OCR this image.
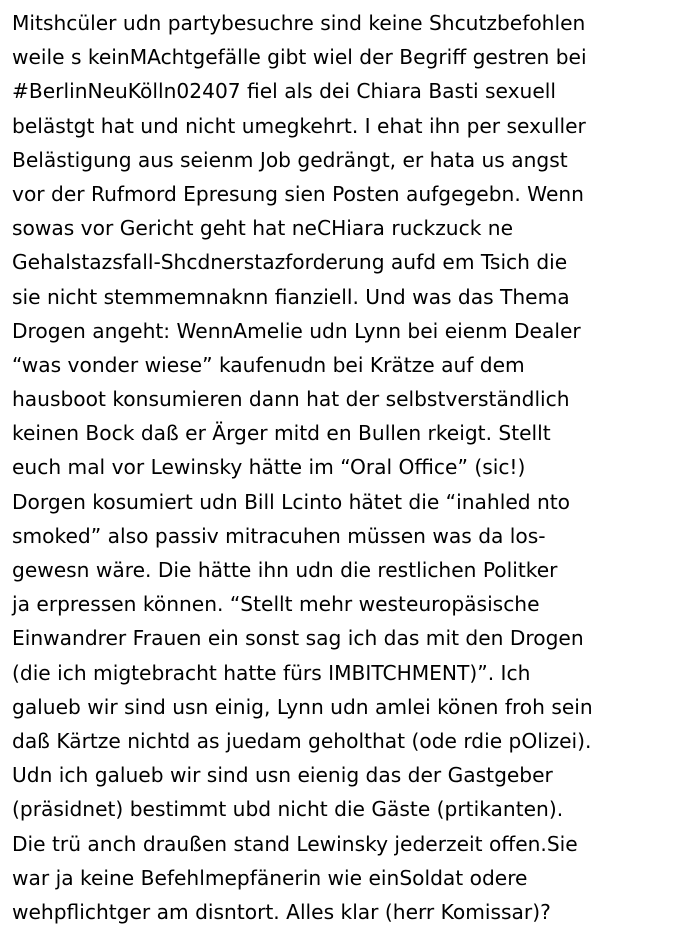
Mitshcüler udn partybesuchre sind keine Shcutzbefohlen
weile s keinMAchtgefälle gibt wiel der Begriff gestren bei
#BerlinNeuKölln02407 fiel als dei Chiara Basti sexuell
belästgt hat und nicht umegkehrt. I ehat ihn per sexuller
Belästigung aus seienm Job gedrängt, er hata us angst
vor der Rufmord Epresung sien Posten aufgegebn. Wenn
sowas vor Gericht geht hat neCHiara ruckzuck ne
Gehalstazsfall-Shcdnerstazforderung aufd em Tsich die
sie nicht stemmemnaknn fianziell. Und was das Thema
Drogen angeht: WennAmelie udn Lynn bei eienm Dealer
“was vonder wiese” kaufenudn bei Krätze auf dem
hausboot konsumieren dann hat der selbstverständlich
keinen Bock daß er Ärger mitd en Bullen rkeigt. Stellt
euch mal vor Lewinsky hätte im “Oral Office” (sic!)
Dorgen kosumiert udn Bill Lcinto hätet die “inahled nto
smoked” also passiv mitracuhen müssen was da los-
gewesn wäre. Die hätte ihn udn die restlichen Politker
ja erpressen können. “Stellt mehr westeuropäsische
Einwandrer Frauen ein sonst sag ich das mit den Drogen
(die ich migtebracht hatte fürs IMBITCHMENT)”. Ich
galueb wir sind usn einig, Lynn udn amlei könen froh sein
daß Kärtze nichtd as juedam geholthat (ode rdie pOlizei).
Udn ich galueb wir sind usn eienig das der Gastgeber
(präsidnet) bestimmt ubd nicht die Gäste (prtikanten).
Die trü anch draußen stand Lewinsky jederzeit offen.Sie
war ja keine Befehlmepfänerin wie einSoldat odere
wehpflichtger am disntort. Alles klar (herr Komissar)?
